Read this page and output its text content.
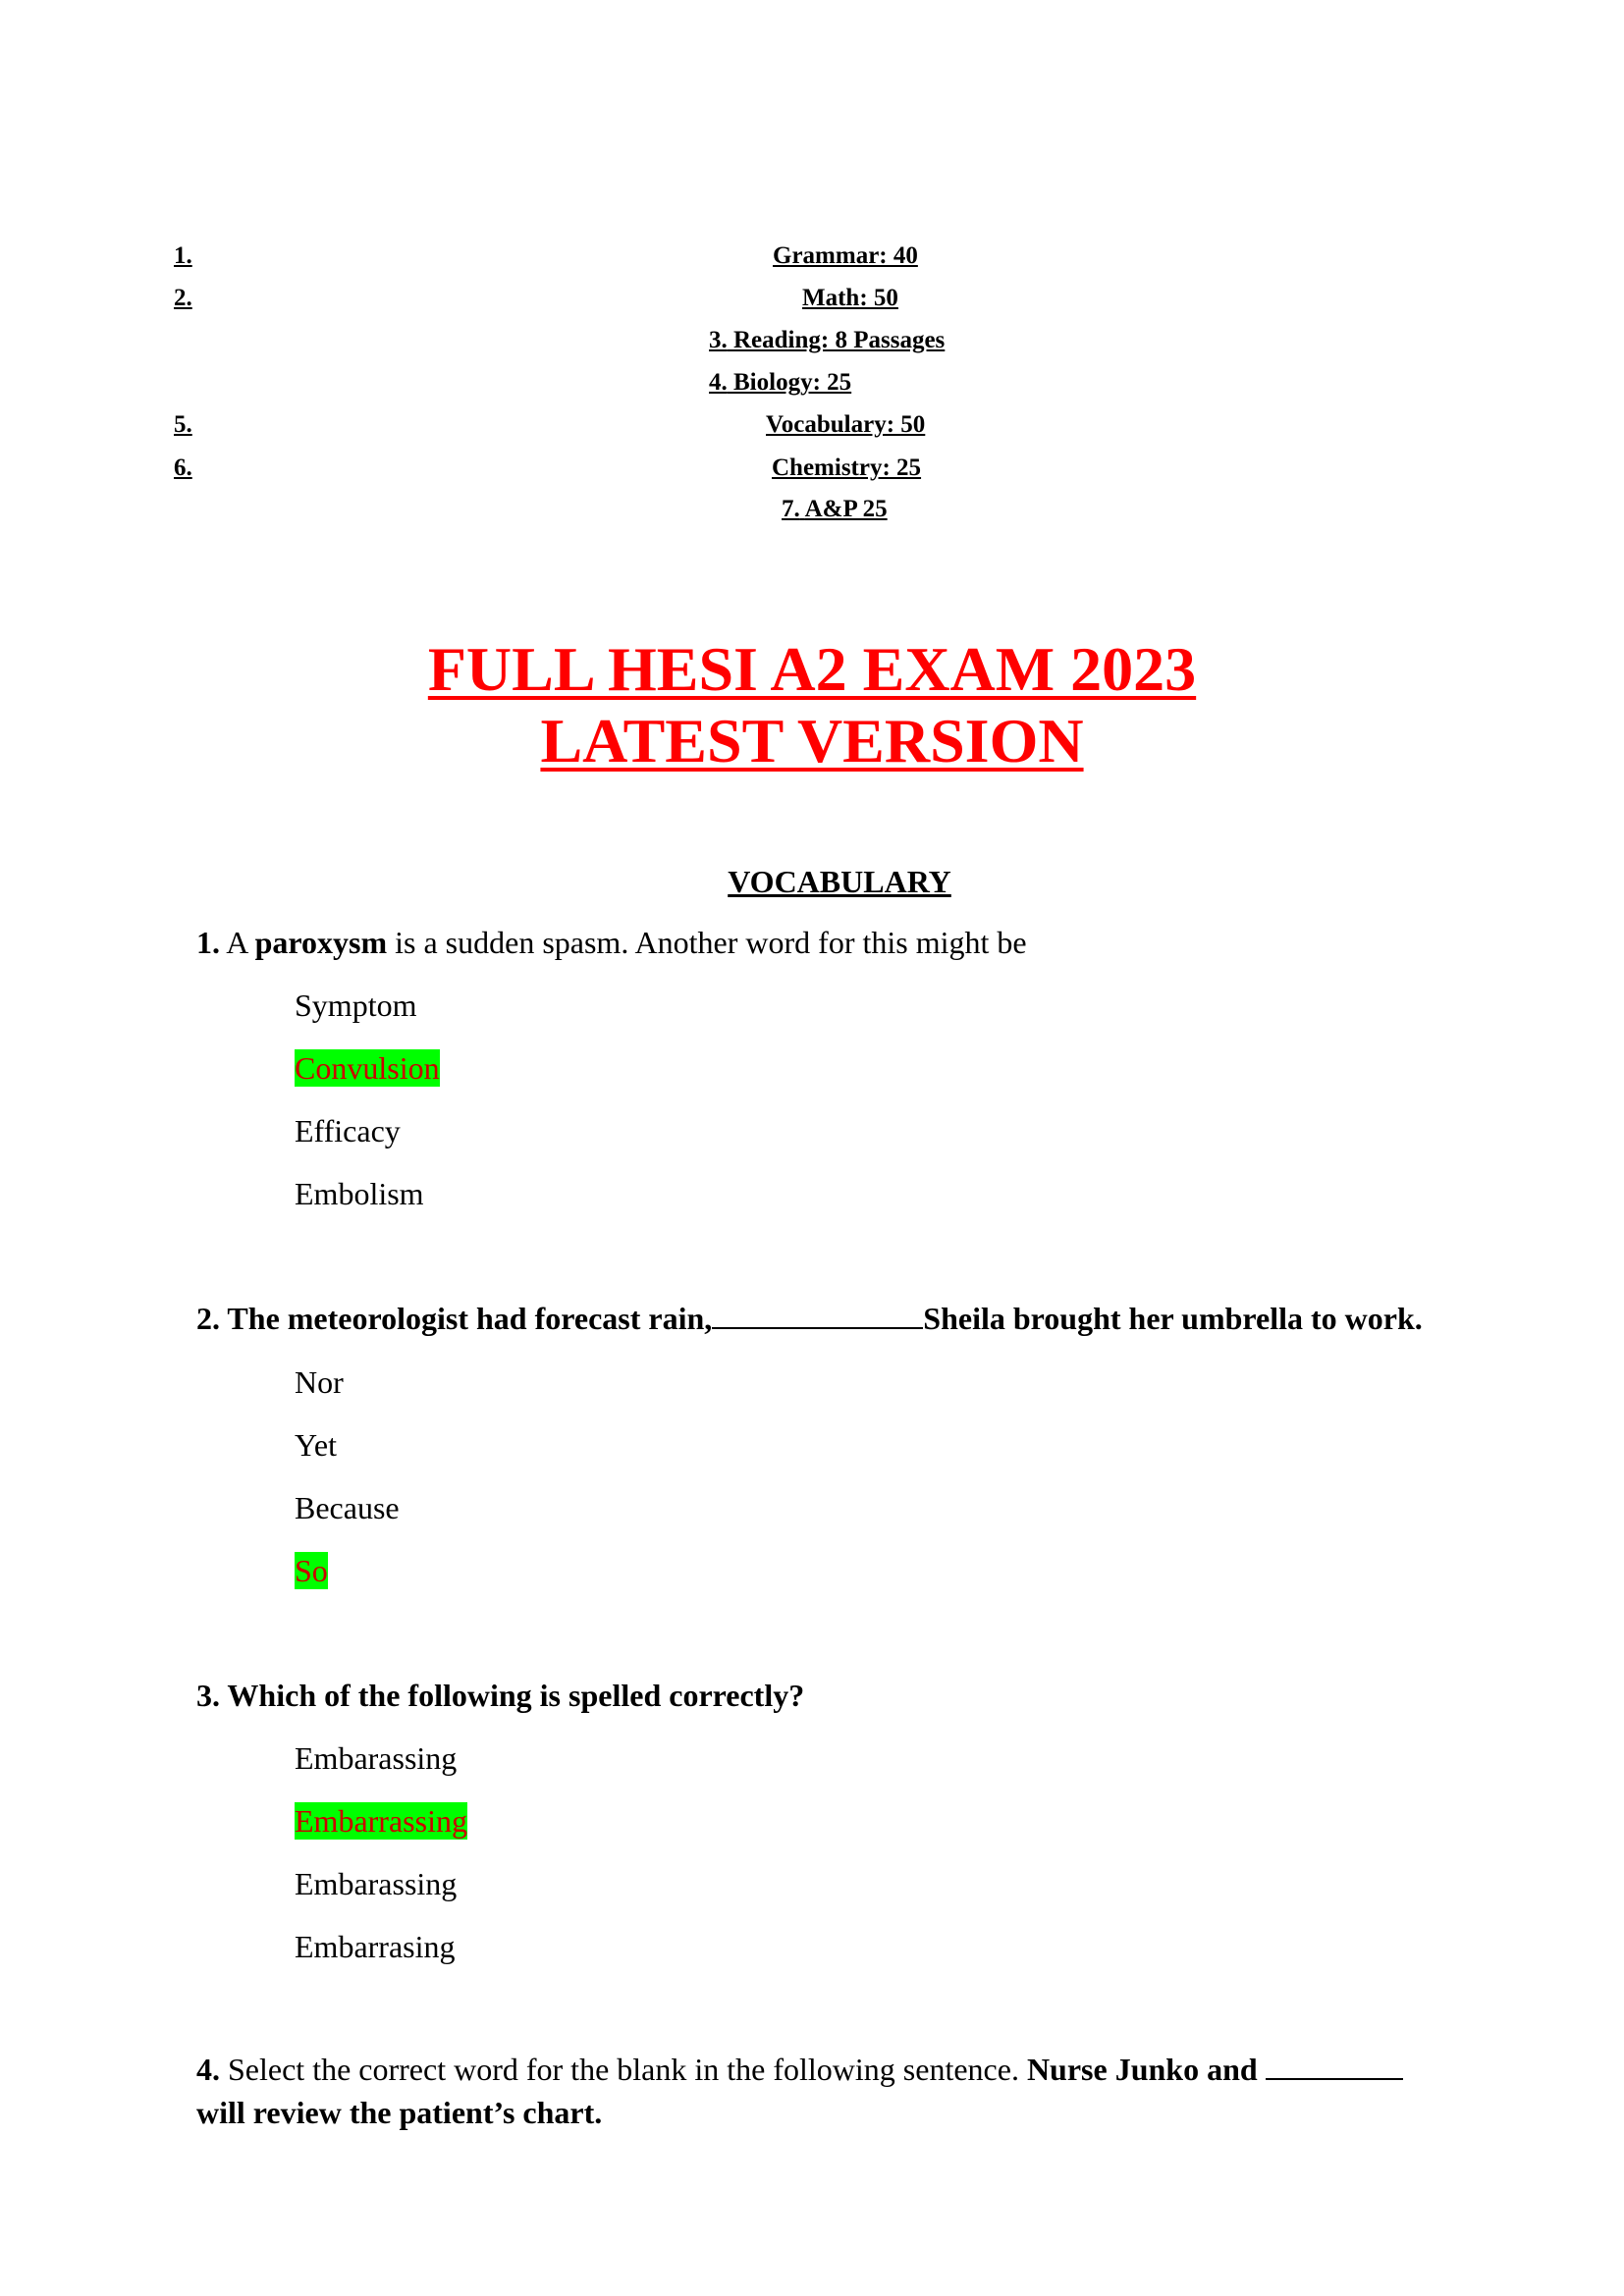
1.	Grammar: 40
2.	Math: 50
3. Reading: 8 Passages
4. Biology: 25
5.	Vocabulary: 50
6.	Chemistry: 25
7. A&P 25
FULL HESI A2 EXAM 2023
LATEST VERSION
VOCABULARY
1. A paroxysm is a sudden spasm. Another word for this might be
Symptom
Convulsion
Efficacy
Embolism
2. The meteorologist had forecast rain,	Sheila brought her umbrella to work.
Nor
Yet
Because
So
3. Which of the following is spelled correctly?
Embarassing
Embarrassing
Embarassing
Embarrasing
4. Select the correct word for the blank in the following sentence. Nurse Junko and
will review the patient’s chart.
